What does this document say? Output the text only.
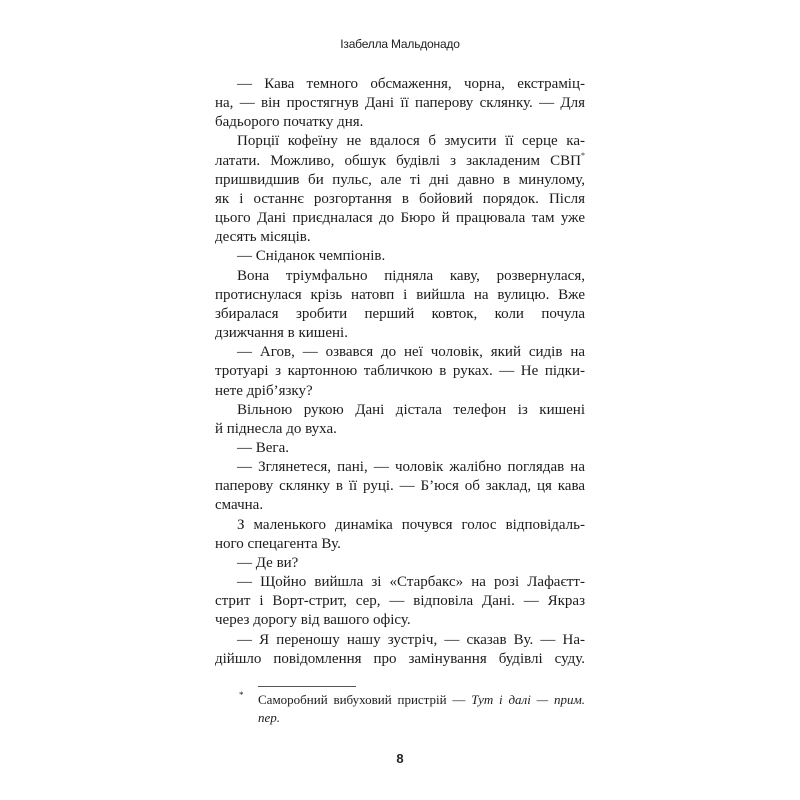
Ізабелла Мальдонадо
— Кава темного обсмаження, чорна, екстраміц-
на, — він простягнув Дані її паперову склянку. — Для
бадьорого початку дня.
Порції кофеїну не вдалося б змусити її серце ка-
латати. Можливо, обшук будівлі з закладеним СВП*
пришвидшив би пульс, але ті дні давно в минулому,
як і останнє розгортання в бойовий порядок. Після
цього Дані приєдналася до Бюро й працювала там уже
десять місяців.
— Сніданок чемпіонів.
Вона тріумфально підняла каву, розвернулася,
протиснулася крізь натовп і вийшла на вулицю. Вже
збиралася зробити перший ковток, коли почула
дзижчання в кишені.
— Агов, — озвався до неї чоловік, який сидів на
тротуарі з картонною табличкою в руках. — Не підки-
нете дріб’язку?
Вільною рукою Дані дістала телефон із кишені
й піднесла до вуха.
— Вега.
— Зглянетеся, пані, — чоловік жалібно поглядав на
паперову склянку в її руці. — Б’юся об заклад, ця кава
смачна.
З маленького динаміка почувся голос відповідаль-
ного спецагента Ву.
— Де ви?
— Щойно вийшла зі «Старбакс» на розі Лафаєтт-
стрит і Ворт-стрит, сер, — відповіла Дані. — Якраз
через дорогу від вашого офісу.
— Я переношу нашу зустріч, — сказав Ву. — На-
дійшло повідомлення про замінування будівлі суду.
* Саморобний вибуховий пристрій — Тут і далі — прим.
пер.
8
